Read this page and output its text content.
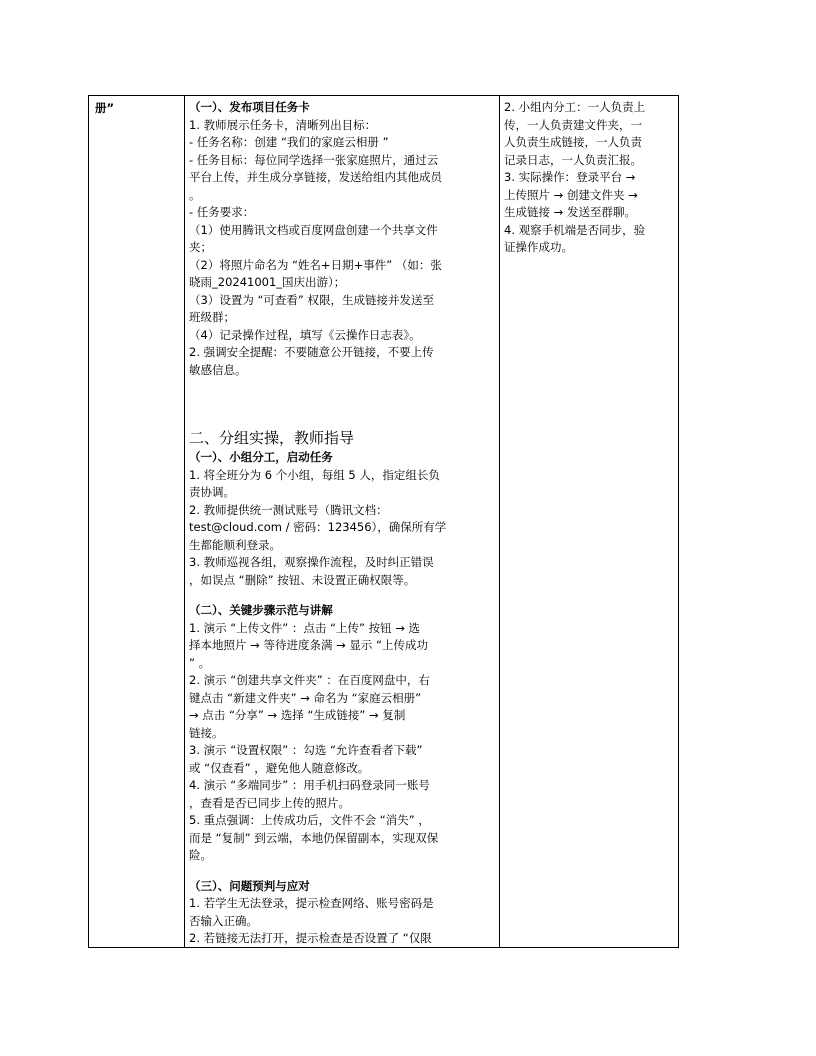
册”	（一）、发布项目任务卡
1. 教师展示任务卡，清晰列出目标：
- 任务名称：创建 “我们的家庭云相册 ”
- 任务目标：每位同学选择一张家庭照片，通过云
平台上传，并生成分享链接，发送给组内其他成员
。
- 任务要求：
（1）使用腾讯文档或百度网盘创建一个共享文件
夹；
（2）将照片命名为 “姓名+日期+事件” （如：张
晓雨_20241001_国庆出游）；
（3）设置为 “可查看” 权限，生成链接并发送至
班级群；
（4）记录操作过程，填写《云操作日志表》。
2. 强调安全提醒：不要随意公开链接，不要上传
敏感信息。
二、分组实操，教师指导
（一）、小组分工，启动任务
1. 将全班分为 6 个小组，每组 5 人，指定组长负
责协调。
2. 教师提供统一测试账号（腾讯文档：
test@cloud.com / 密码：123456），确保所有学
生都能顺利登录。
3. 教师巡视各组，观察操作流程，及时纠正错误
，如误点 “删除” 按钮、未设置正确权限等。
（二）、关键步骤示范与讲解
1. 演示 “上传文件” ：点击 “上传” 按钮 → 选
择本地照片 → 等待进度条满 → 显示 “上传成功
” 。
2. 演示 “创建共享文件夹” ：在百度网盘中，右
键点击 “新建文件夹” → 命名为 “家庭云相册”
→ 点击 “分享” → 选择 “生成链接” → 复制
链接。
3. 演示 “设置权限” ：勾选 “允许查看者下载”
或 “仅查看” ，避免他人随意修改。
4. 演示 “多端同步” ：用手机扫码登录同一账号
，查看是否已同步上传的照片。
5. 重点强调：上传成功后，文件不会 “消失” ，
而是 “复制” 到云端，本地仍保留副本，实现双保
险。
（三）、问题预判与应对
1. 若学生无法登录，提示检查网络、账号密码是
否输入正确。
2. 若链接无法打开，提示检查是否设置了 “仅限
2. 小组内分工：一人负责上
传，一人负责建文件夹，一
人负责生成链接，一人负责
记录日志，一人负责汇报。
3. 实际操作：登录平台 →
上传照片 → 创建文件夹 →
生成链接 → 发送至群聊。
4. 观察手机端是否同步，验
证操作成功。
